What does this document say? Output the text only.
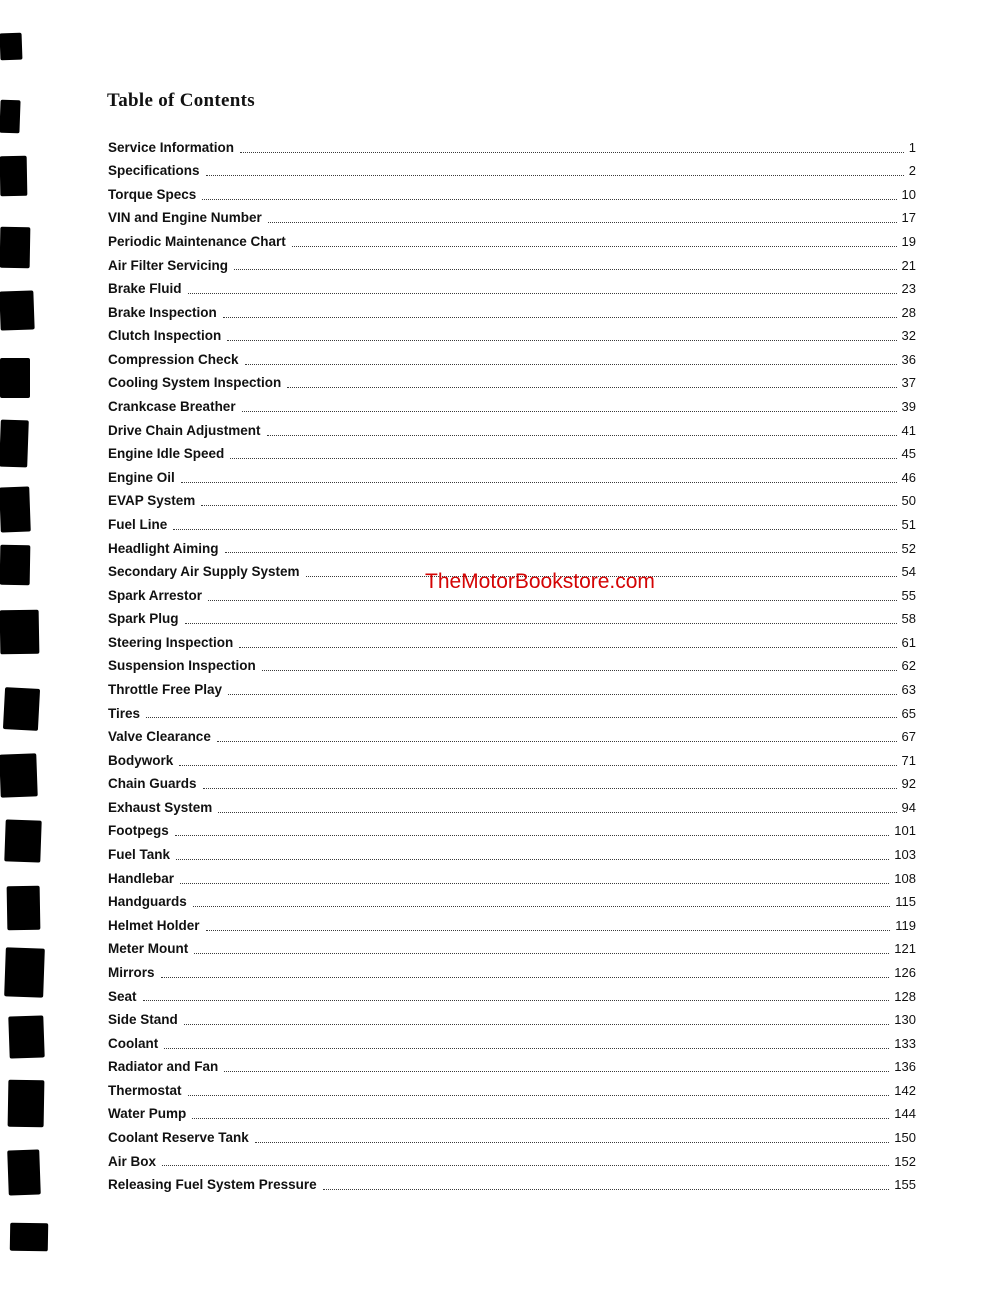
Table of Contents
Service Information	1
Specifications	2
Torque Specs	10
VIN and Engine Number	17
Periodic Maintenance Chart	19
Air Filter Servicing	21
Brake Fluid	23
Brake Inspection	28
Clutch Inspection	32
Compression Check	36
Cooling System Inspection	37
Crankcase Breather	39
Drive Chain Adjustment	41
Engine Idle Speed	45
Engine Oil	46
EVAP System	50
Fuel Line	51
Headlight Aiming	52
Secondary Air Supply System	54
Spark Arrestor	55
Spark Plug	58
Steering Inspection	61
Suspension Inspection	62
Throttle Free Play	63
Tires	65
Valve Clearance	67
Bodywork	71
Chain Guards	92
Exhaust System	94
Footpegs	101
Fuel Tank	103
Handlebar	108
Handguards	115
Helmet Holder	119
Meter Mount	121
Mirrors	126
Seat	128
Side Stand	130
Coolant	133
Radiator and Fan	136
Thermostat	142
Water Pump	144
Coolant Reserve Tank	150
Air Box	152
Releasing Fuel System Pressure	155
TheMotorBookstore.com
